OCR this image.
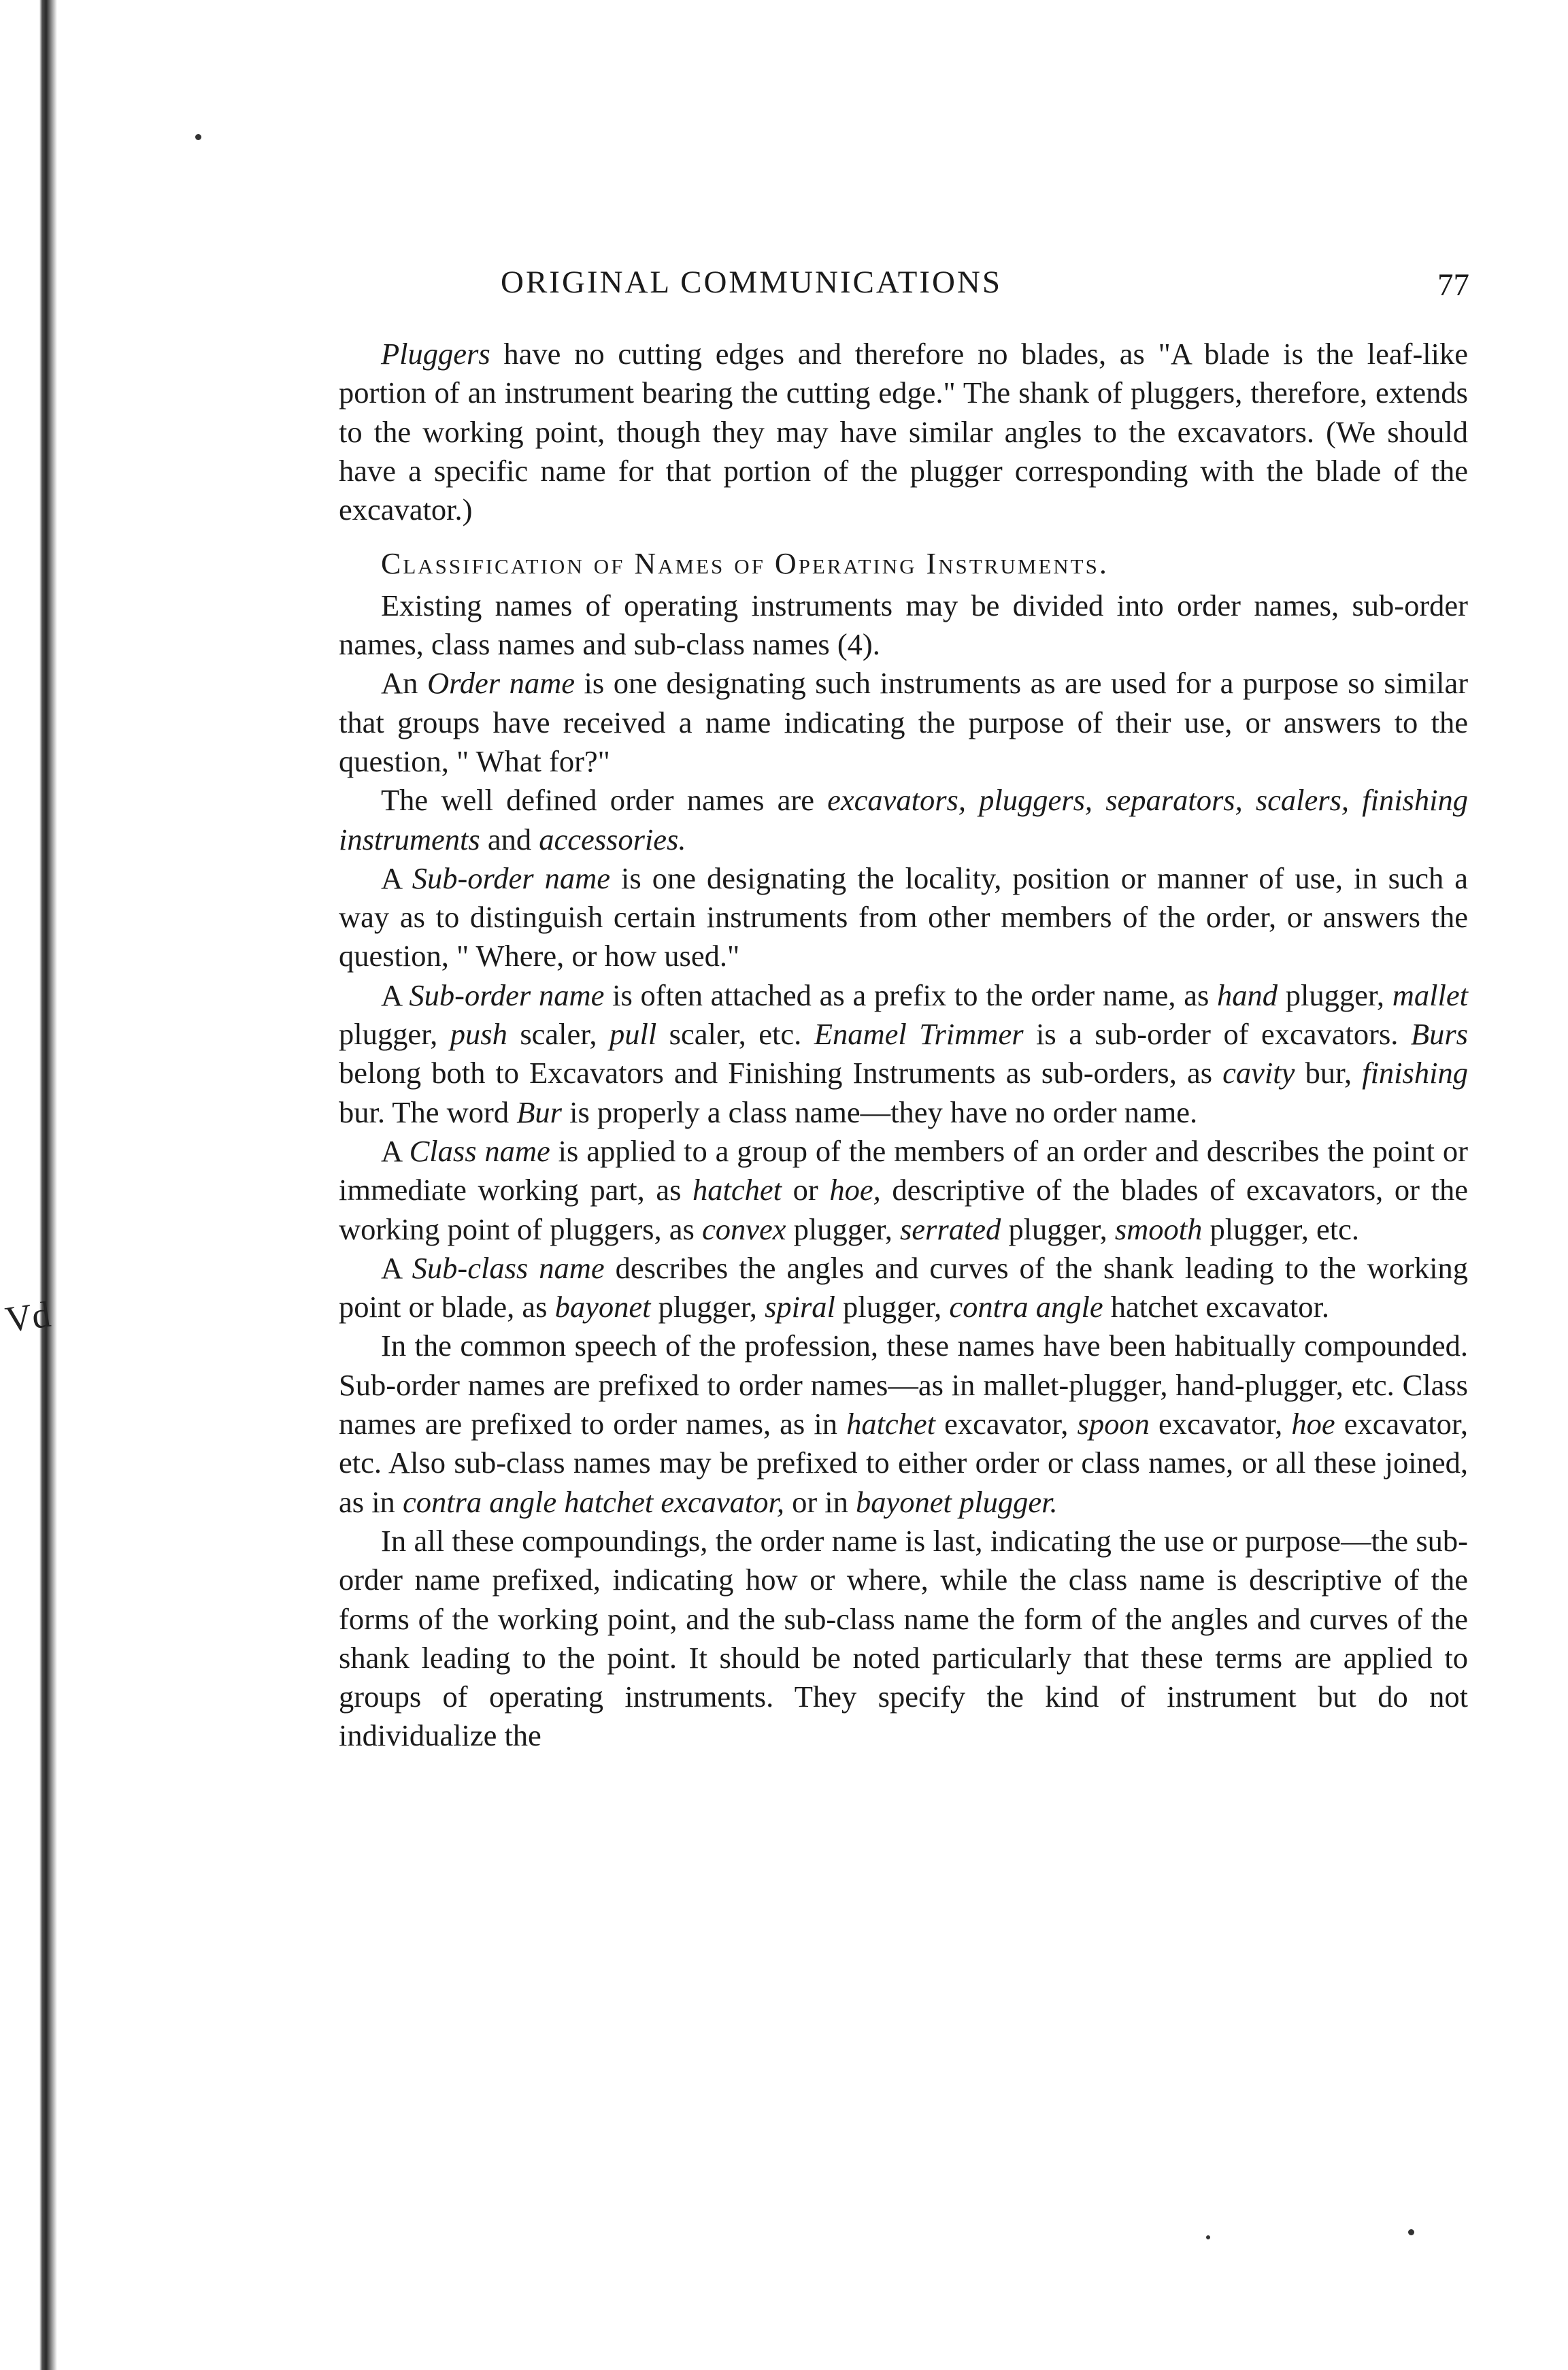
Vd
ORIGINAL COMMUNICATIONS	77

Pluggers have no cutting edges and therefore no blades, as "A blade is the leaf-like portion of an instrument bearing the cutting edge." The shank of pluggers, therefore, extends to the working point, though they may have similar angles to the excavators. (We should have a specific name for that portion of the plugger corresponding with the blade of the excavator.)

Classification of Names of Operating Instruments.

Existing names of operating instruments may be divided into order names, sub-order names, class names and sub-class names (4).

An Order name is one designating such instruments as are used for a purpose so similar that groups have received a name indicating the purpose of their use, or answers to the question, " What for?"

The well defined order names are excavators, pluggers, separators, scalers, finishing instruments and accessories.

A Sub-order name is one designating the locality, position or manner of use, in such a way as to distinguish certain instruments from other members of the order, or answers the question, " Where, or how used."

A Sub-order name is often attached as a prefix to the order name, as hand plugger, mallet plugger, push scaler, pull scaler, etc. Enamel Trimmer is a sub-order of excavators. Burs belong both to Excavators and Finishing Instruments as sub-orders, as cavity bur, finishing bur. The word Bur is properly a class name—they have no order name.

A Class name is applied to a group of the members of an order and describes the point or immediate working part, as hatchet or hoe, descriptive of the blades of excavators, or the working point of pluggers, as convex plugger, serrated plugger, smooth plugger, etc.

A Sub-class name describes the angles and curves of the shank leading to the working point or blade, as bayonet plugger, spiral plugger, contra angle hatchet excavator.

In the common speech of the profession, these names have been habitually compounded. Sub-order names are prefixed to order names—as in mallet-plugger, hand-plugger, etc. Class names are prefixed to order names, as in hatchet excavator, spoon excavator, hoe excavator, etc. Also sub-class names may be prefixed to either order or class names, or all these joined, as in contra angle hatchet excavator, or in bayonet plugger.

In all these compoundings, the order name is last, indicating the use or purpose—the sub-order name prefixed, indicating how or where, while the class name is descriptive of the forms of the working point, and the sub-class name the form of the angles and curves of the shank leading to the point. It should be noted particularly that these terms are applied to groups of operating instruments. They specify the kind of instrument but do not individualize the
